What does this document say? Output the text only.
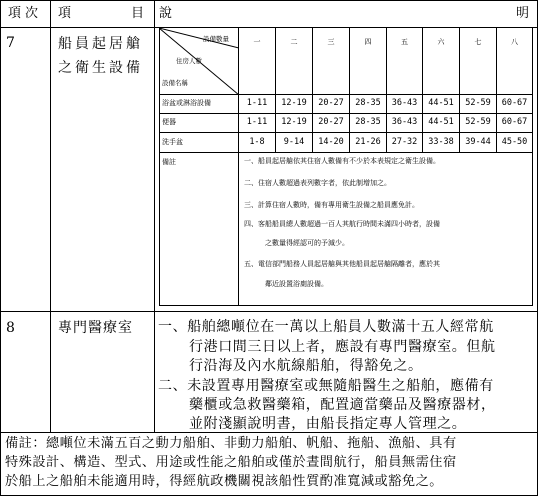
項次 項	目 說	明
7	船員起居艙
之衛生設備
設備數量
住房人數
設備名稱
一	二	三	四	五	六	七	八
浴盆或淋浴設備	1-11	12-19	20-27	28-35	36-43	44-51	52-59	60-67
便器	1-11	12-19	20-27	28-35	36-43	44-51	52-59	60-67
洗手盆	1-8	9-14	14-20	21-26	27-32	33-38	39-44	45-50
備註	一、船員起居艙依其住宿人數備有不少於本表規定之衛生設備。
二、住宿人數超過表列數字者，依此制增加之。
三、計算住宿人數時，備有專用衛生設備之船員應免計。
四、客船船員總人數超過一百人其航行時間未滿四小時者，設備
之數量得經認可的予減少。
五、電信部門船務人員起居艙與其他船員起居艙隔離者，應於其
鄰近設置浴廁設備。
8	專門醫療室 一、船舶總噸位在一萬以上船員人數滿十五人經常航
行港口間三日以上者，應設有專門醫療室。但航
行沿海及內水航線船舶，得豁免之。
二、未設置專用醫療室或無隨船醫生之船舶，應備有
藥櫃或急救醫藥箱，配置適當藥品及醫療器材，
並附淺顯說明書，由船長指定專人管理之。
備註：總噸位未滿五百之動力船舶、非動力船舶、帆船、拖船、漁船、具有
特殊設計、構造、型式、用途或性能之船舶或僅於晝間航行，船員無需住宿
於船上之船舶未能適用時，得經航政機關視該船性質酌准寬減或豁免之。
